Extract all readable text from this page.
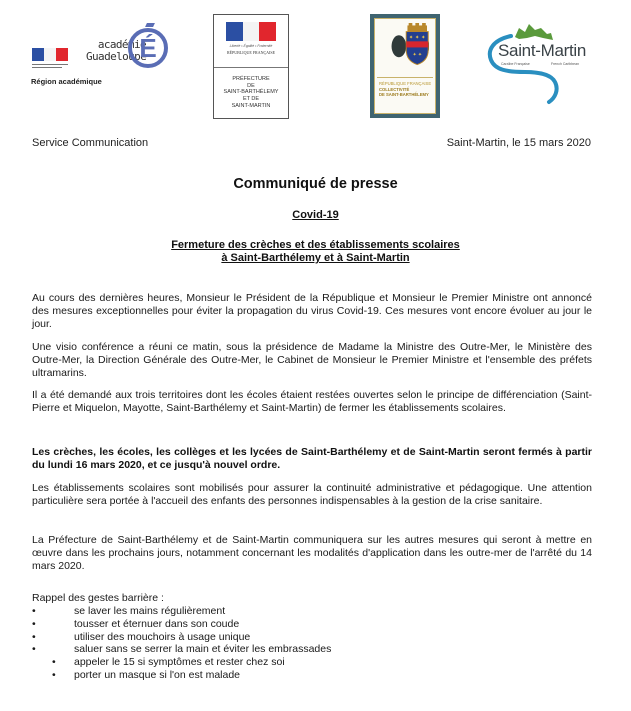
académie
Guadeloupe
É
Région académique
Liberté • Égalité • Fraternité
RÉPUBLIQUE FRANÇAISE
PRÉFECTURE
DE
SAINT-BARTHÉLEMY
ET DE
SAINT-MARTIN
✦ ✦ ✦
✦ ✦
RÉPUBLIQUE FRANÇAISE
COLLECTIVITÉ
DE SAINT-BARTHÉLEMY
Saint-Martin
Caraïbe Française	French Caribbean
Service Communication	Saint-Martin, le 15 mars 2020
Communiqué de presse
Covid-19
Fermeture des crèches et des établissements scolaires
à Saint-Barthélemy et à Saint-Martin
Au cours des dernières heures, Monsieur le Président de la République et Monsieur le Premier Ministre ont annoncé des mesures exceptionnelles pour éviter la propagation du virus Covid-19. Ces mesures vont encore évoluer au jour le jour.
Une visio conférence a réuni ce matin, sous la présidence de Madame la Ministre des Outre-Mer, le Ministère des Outre-Mer, la Direction Générale des Outre-Mer, le Cabinet de Monsieur le Premier Ministre et l'ensemble des préfets ultramarins.
Il a été demandé aux trois territoires dont les écoles étaient restées ouvertes selon le principe de différenciation (Saint-Pierre et Miquelon, Mayotte, Saint-Barthélemy et Saint-Martin) de fermer les établissements scolaires.
Les crèches, les écoles, les collèges et les lycées de Saint-Barthélemy et de Saint-Martin seront fermés à partir du lundi 16 mars 2020, et ce jusqu'à nouvel ordre.
Les établissements scolaires sont mobilisés pour assurer la continuité administrative et pédagogique. Une attention particulière sera portée à l'accueil des enfants des personnes indispensables à la gestion de la crise sanitaire.
La Préfecture de Saint-Barthélemy et de Saint-Martin communiquera sur les autres mesures qui seront à mettre en œuvre dans les prochains jours, notamment concernant les modalités d'application dans les outre-mer de l'arrêté du 14 mars 2020.
Rappel des gestes barrière :
•	se laver les mains régulièrement
•	tousser et éternuer dans son coude
•	utiliser des mouchoirs à usage unique
•	saluer sans se serrer la main et éviter les embrassades
• appeler le 15 si symptômes et rester chez soi
• porter un masque si l'on est malade
